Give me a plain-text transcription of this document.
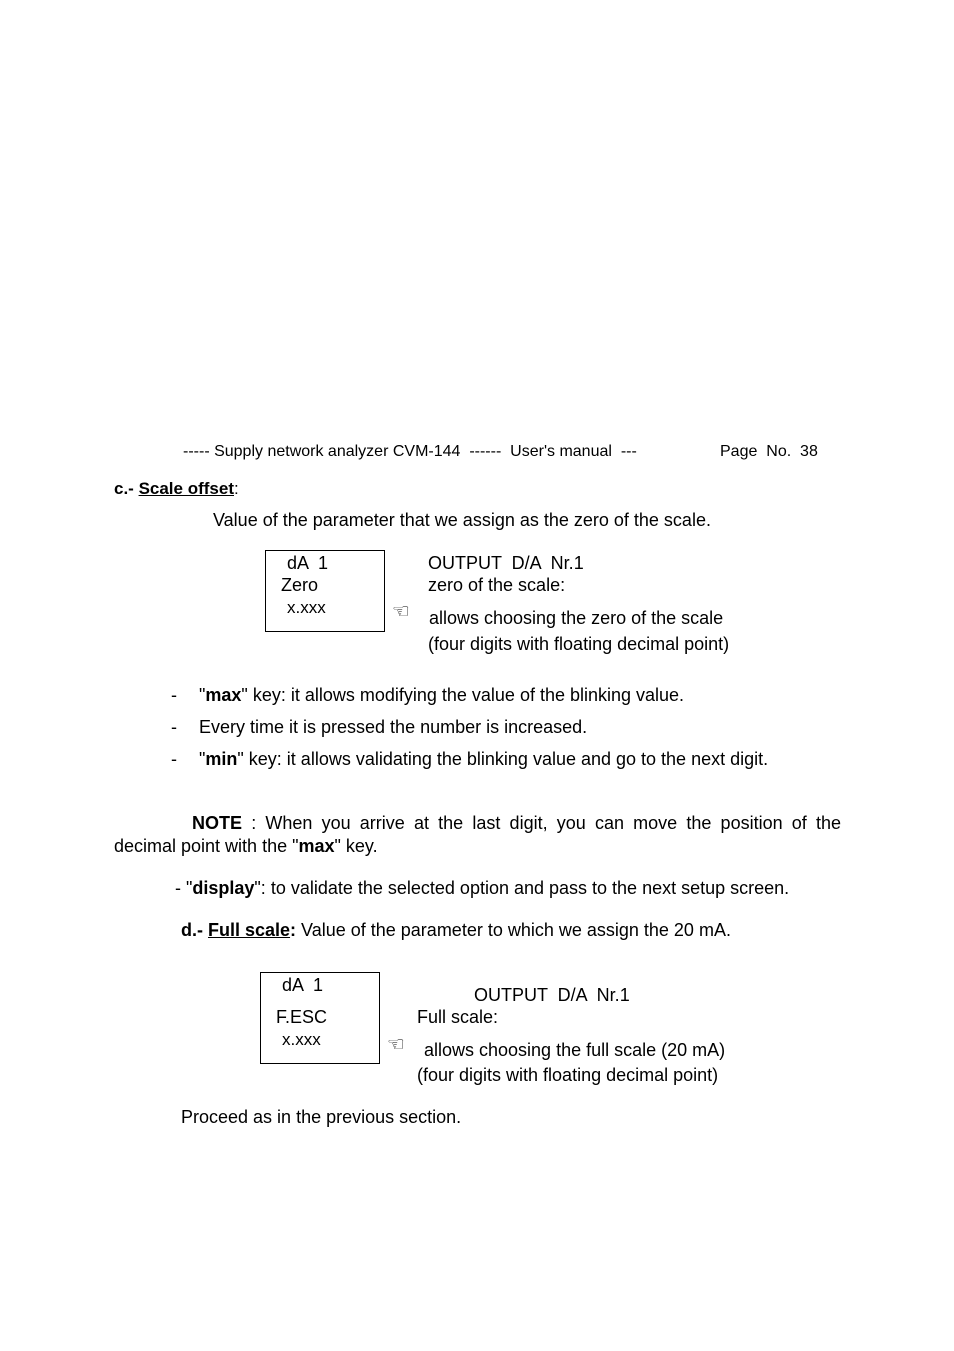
----- Supply network analyzer CVM-144  ------  User's manual  ---	Page  No.  38
c.- Scale offset:
Value of the parameter that we assign as the zero of the scale.
dA  1
Zero
x.xxx	☜
OUTPUT  D/A  Nr.1
zero of the scale:
allows choosing the zero of the scale
(four digits with floating decimal point)
- "max" key: it allows modifying the value of the blinking value.
- Every time it is pressed the number is increased.
- "min" key: it allows validating the blinking value and go to the next digit.
NOTE : When you arrive at the last digit, you can move the position of the
decimal point with the "max" key.
- "display": to validate the selected option and pass to the next setup screen.
d.- Full scale: Value of the parameter to which we assign the 20 mA.
dA  1
F.ESC
x.xxx	☜
OUTPUT  D/A  Nr.1
Full scale:
allows choosing the full scale (20 mA)
(four digits with floating decimal point)
Proceed as in the previous section.
